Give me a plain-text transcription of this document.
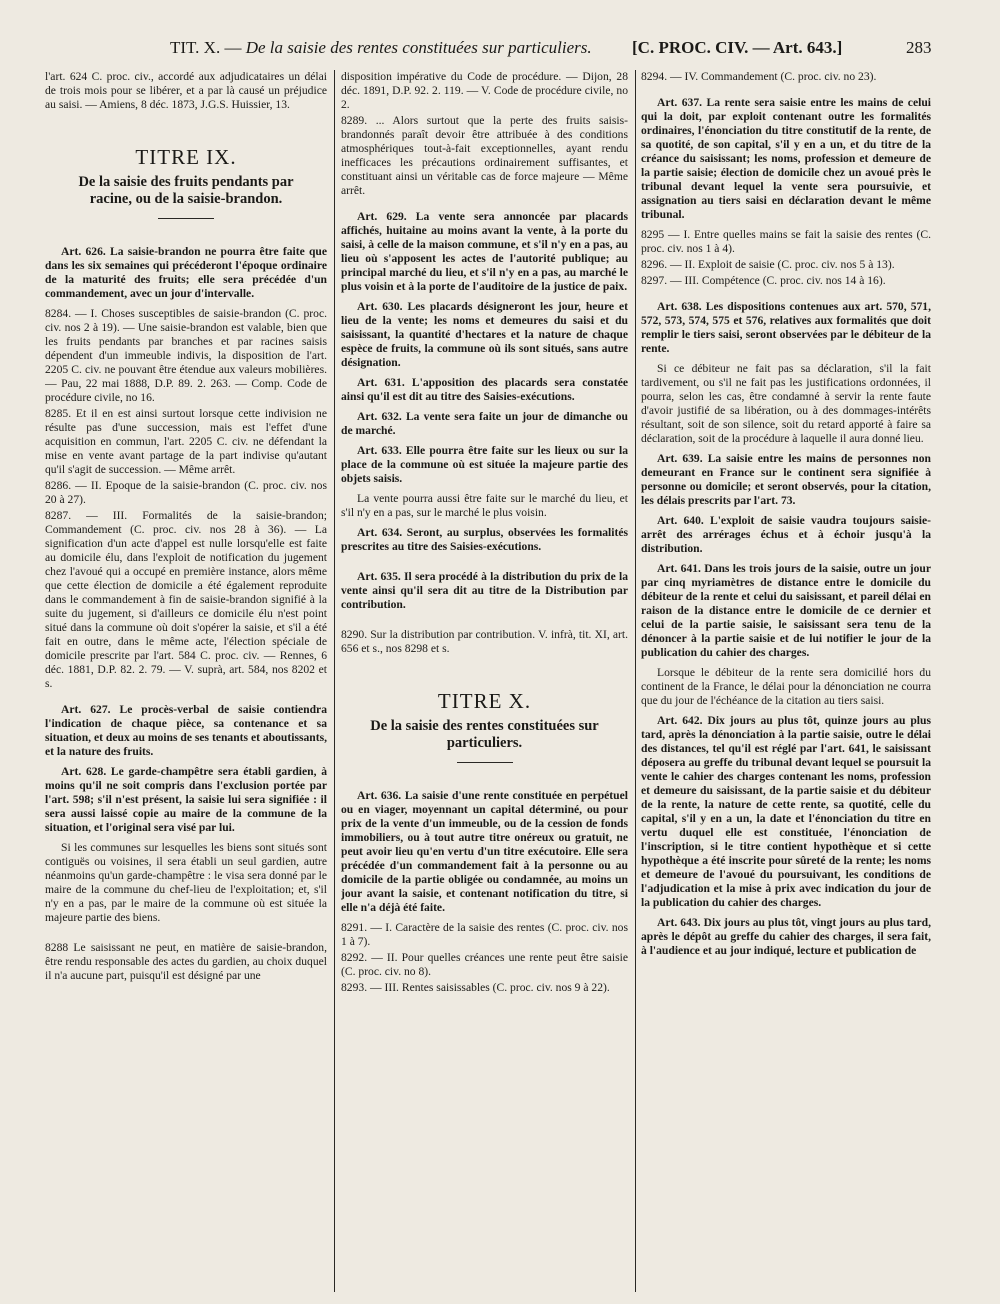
TIT. X. — De la saisie des rentes constituées sur particuliers. [C. PROC. CIV. — Art. 643.]	283

l'art. 624 C. proc. civ., accordé aux adjudicataires un délai de trois mois pour se libérer, et a par là causé un préjudice au saisi. — Amiens, 8 déc. 1873, J.G.S. Huissier, 13.

TITRE IX.
De la saisie des fruits pendants par racine, ou de la saisie-brandon.

Art. 626. La saisie-brandon ne pourra être faite que dans les six semaines qui précéderont l'époque ordinaire de la maturité des fruits; elle sera précédée d'un commandement, avec un jour d'intervalle.

8284. — I. Choses susceptibles de saisie-brandon (C. proc. civ. nos 2 à 19). — Une saisie-brandon est valable, bien que les fruits pendants par branches et par racines saisis dépendent d'un immeuble indivis, la disposition de l'art. 2205 C. civ. ne pouvant être étendue aux valeurs mobilières. — Pau, 22 mai 1888, D.P. 89. 2. 263. — Comp. Code de procédure civile, no 16.

8285. Et il en est ainsi surtout lorsque cette indivision ne résulte pas d'une succession, mais est l'effet d'une acquisition en commun, l'art. 2205 C. civ. ne défendant la mise en vente avant partage de la part indivise qu'autant qu'il s'agit de succession. — Même arrêt.

8286. — II. Epoque de la saisie-brandon (C. proc. civ. nos 20 à 27).

8287. — III. Formalités de la saisie-brandon; Commandement (C. proc. civ. nos 28 à 36). — La signification d'un acte d'appel est nulle lorsqu'elle est faite au domicile élu, dans l'exploit de notification du jugement chez l'avoué qui a occupé en première instance, alors même que cette élection de domicile a été également reproduite dans le commandement à fin de saisie-brandon signifié à la suite du jugement, si d'ailleurs ce domicile élu n'est point situé dans la commune où doit s'opérer la saisie, et s'il a été fait en outre, dans le même acte, l'élection spéciale de domicile prescrite par l'art. 584 C. proc. civ. — Rennes, 6 déc. 1881, D.P. 82. 2. 79. — V. suprà, art. 584, nos 8202 et s.

Art. 627. Le procès-verbal de saisie contiendra l'indication de chaque pièce, sa contenance et sa situation, et deux au moins de ses tenants et aboutissants, et la nature des fruits.

Art. 628. Le garde-champêtre sera établi gardien, à moins qu'il ne soit compris dans l'exclusion portée par l'art. 598; s'il n'est présent, la saisie lui sera signifiée : il sera aussi laissé copie au maire de la commune de la situation, et l'original sera visé par lui.

Si les communes sur lesquelles les biens sont situés sont contiguës ou voisines, il sera établi un seul gardien, autre néanmoins qu'un garde-champêtre : le visa sera donné par le maire de la commune du chef-lieu de l'exploitation; et, s'il n'y en a pas, par le maire de la commune où est située la majeure partie des biens.

8288 Le saisissant ne peut, en matière de saisie-brandon, être rendu responsable des actes du gardien, au choix duquel il n'a aucune part, puisqu'il est désigné par une

disposition impérative du Code de procédure. — Dijon, 28 déc. 1891, D.P. 92. 2. 119. — V. Code de procédure civile, no 2.

8289. ... Alors surtout que la perte des fruits saisis-brandonnés paraît devoir être attribuée à des conditions atmosphériques tout-à-fait exceptionnelles, ayant rendu inefficaces les précautions ordinairement suffisantes, et constituant ainsi un véritable cas de force majeure — Même arrêt.

Art. 629. La vente sera annoncée par placards affichés, huitaine au moins avant la vente, à la porte du saisi, à celle de la maison commune, et s'il n'y en a pas, au lieu où s'apposent les actes de l'autorité publique; au principal marché du lieu, et s'il n'y en a pas, au marché le plus voisin et à la porte de l'auditoire de la justice de paix.

Art. 630. Les placards désigneront les jour, heure et lieu de la vente; les noms et demeures du saisi et du saisissant, la quantité d'hectares et la nature de chaque espèce de fruits, la commune où ils sont situés, sans autre désignation.

Art. 631. L'apposition des placards sera constatée ainsi qu'il est dit au titre des Saisies-exécutions.

Art. 632. La vente sera faite un jour de dimanche ou de marché.

Art. 633. Elle pourra être faite sur les lieux ou sur la place de la commune où est située la majeure partie des objets saisis.

La vente pourra aussi être faite sur le marché du lieu, et s'il n'y en a pas, sur le marché le plus voisin.

Art. 634. Seront, au surplus, observées les formalités prescrites au titre des Saisies-exécutions.

Art. 635. Il sera procédé à la distribution du prix de la vente ainsi qu'il sera dit au titre de la Distribution par contribution.

8290. Sur la distribution par contribution. V. infrà, tit. XI, art. 656 et s., nos 8298 et s.

TITRE X.
De la saisie des rentes constituées sur particuliers.

Art. 636. La saisie d'une rente constituée en perpétuel ou en viager, moyennant un capital déterminé, ou pour prix de la vente d'un immeuble, ou de la cession de fonds immobiliers, ou à tout autre titre onéreux ou gratuit, ne peut avoir lieu qu'en vertu d'un titre exécutoire. Elle sera précédée d'un commandement fait à la personne ou au domicile de la partie obligée ou condamnée, au moins un jour avant la saisie, et contenant notification du titre, si elle n'a déjà été faite.

8291. — I. Caractère de la saisie des rentes (C. proc. civ. nos 1 à 7).

8292. — II. Pour quelles créances une rente peut être saisie (C. proc. civ. no 8).

8293. — III. Rentes saisissables (C. proc. civ. nos 9 à 22).

8294. — IV. Commandement (C. proc. civ. no 23).

Art. 637. La rente sera saisie entre les mains de celui qui la doit, par exploit contenant outre les formalités ordinaires, l'énonciation du titre constitutif de la rente, de sa quotité, de son capital, s'il y en a un, et du titre de la créance du saisissant; les noms, profession et demeure de la partie saisie; élection de domicile chez un avoué près le tribunal devant lequel la vente sera poursuivie, et assignation au tiers saisi en déclaration devant le même tribunal.

8295 — I. Entre quelles mains se fait la saisie des rentes (C. proc. civ. nos 1 à 4).

8296. — II. Exploit de saisie (C. proc. civ. nos 5 à 13).

8297. — III. Compétence (C. proc. civ. nos 14 à 16).

Art. 638. Les dispositions contenues aux art. 570, 571, 572, 573, 574, 575 et 576, relatives aux formalités que doit remplir le tiers saisi, seront observées par le débiteur de la rente.

Si ce débiteur ne fait pas sa déclaration, s'il la fait tardivement, ou s'il ne fait pas les justifications ordonnées, il pourra, selon les cas, être condamné à servir la rente faute d'avoir justifié de sa libération, ou à des dommages-intérêts résultant, soit de son silence, soit du retard apporté à faire sa déclaration, soit de la procédure à laquelle il aura donné lieu.

Art. 639. La saisie entre les mains de personnes non demeurant en France sur le continent sera signifiée à personne ou domicile; et seront observés, pour la citation, les délais prescrits par l'art. 73.

Art. 640. L'exploit de saisie vaudra toujours saisie-arrêt des arrérages échus et à échoir jusqu'à la distribution.

Art. 641. Dans les trois jours de la saisie, outre un jour par cinq myriamètres de distance entre le domicile du débiteur de la rente et celui du saisissant, et pareil délai en raison de la distance entre le domicile de ce dernier et celui de la partie saisie, le saisissant sera tenu de la dénoncer à la partie saisie et de lui notifier le jour de la publication du cahier des charges.

Lorsque le débiteur de la rente sera domicilié hors du continent de la France, le délai pour la dénonciation ne courra que du jour de l'échéance de la citation au tiers saisi.

Art. 642. Dix jours au plus tôt, quinze jours au plus tard, après la dénonciation à la partie saisie, outre le délai des distances, tel qu'il est réglé par l'art. 641, le saisissant déposera au greffe du tribunal devant lequel se poursuit la vente le cahier des charges contenant les noms, profession et demeure du saisissant, de la partie saisie et du débiteur de la rente, la nature de cette rente, sa quotité, celle du capital, s'il y en a un, la date et l'énonciation du titre en vertu duquel elle est constituée, l'énonciation de l'inscription, si le titre contient hypothèque et si cette hypothèque a été inscrite pour sûreté de la rente; les noms et demeure de l'avoué du poursuivant, les conditions de l'adjudication et la mise à prix avec indication du jour de la publication du cahier des charges.

Art. 643. Dix jours au plus tôt, vingt jours au plus tard, après le dépôt au greffe du cahier des charges, il sera fait, à l'audience et au jour indiqué, lecture et publication de
